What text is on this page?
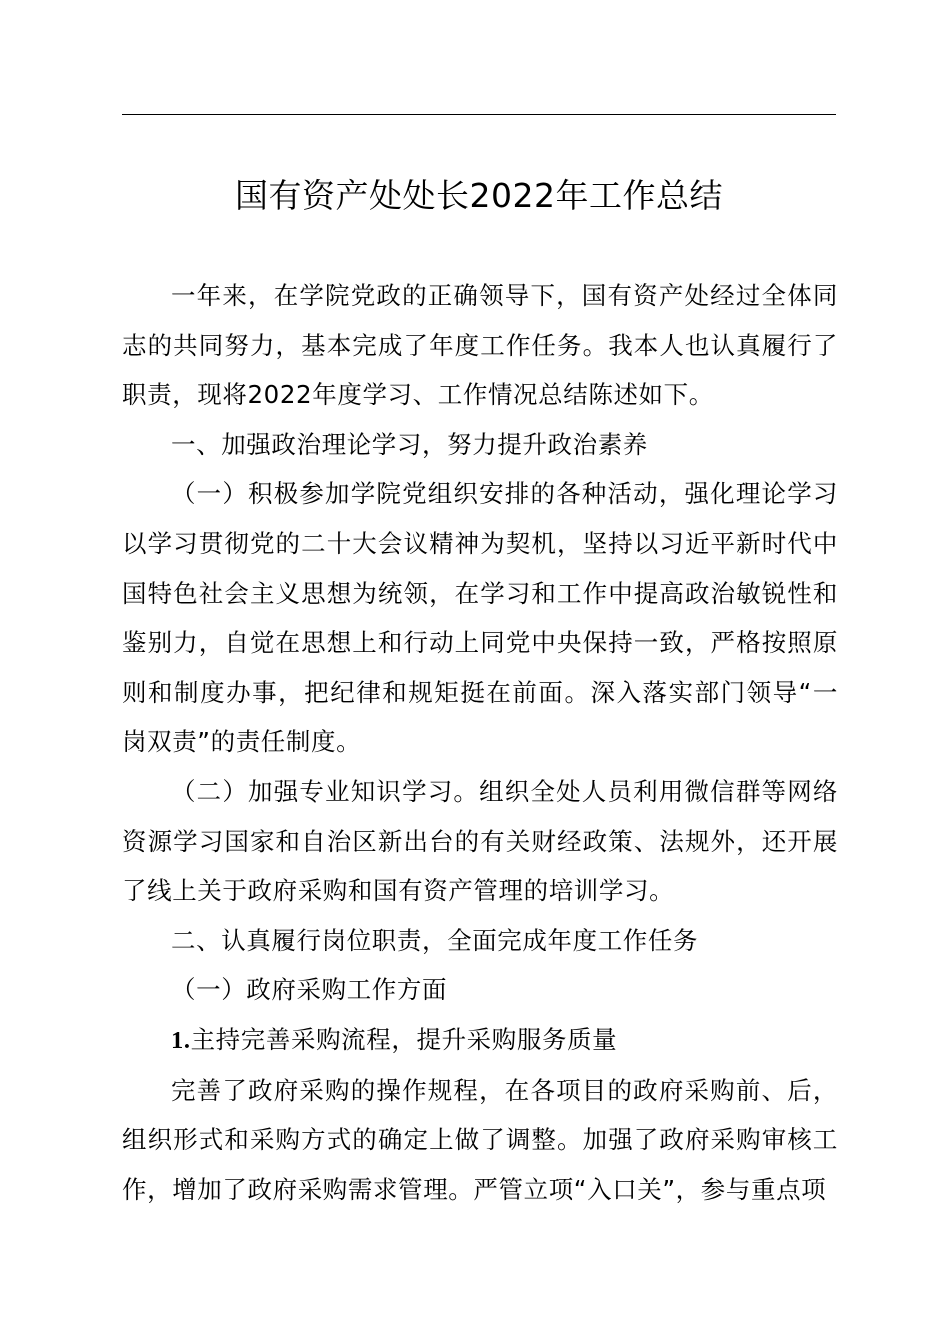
国有资产处处长2022年工作总结

一年来，在学院党政的正确领导下，国有资产处经过全体同志的共同努力，基本完成了年度工作任务。我本人也认真履行了职责，现将2022年度学习、工作情况总结陈述如下。

一、加强政治理论学习，努力提升政治素养

（一）积极参加学院党组织安排的各种活动，强化理论学习以学习贯彻党的二十大会议精神为契机，坚持以习近平新时代中国特色社会主义思想为统领，在学习和工作中提高政治敏锐性和鉴别力，自觉在思想上和行动上同党中央保持一致，严格按照原则和制度办事，把纪律和规矩挺在前面。深入落实部门领导“一岗双责”的责任制度。

（二）加强专业知识学习。组织全处人员利用微信群等网络资源学习国家和自治区新出台的有关财经政策、法规外，还开展了线上关于政府采购和国有资产管理的培训学习。

二、认真履行岗位职责，全面完成年度工作任务

（一）政府采购工作方面

1.主持完善采购流程，提升采购服务质量

完善了政府采购的操作规程，在各项目的政府采购前、后，组织形式和采购方式的确定上做了调整。加强了政府采购审核工作，增加了政府采购需求管理。严管立项“入口关”，参与重点项
